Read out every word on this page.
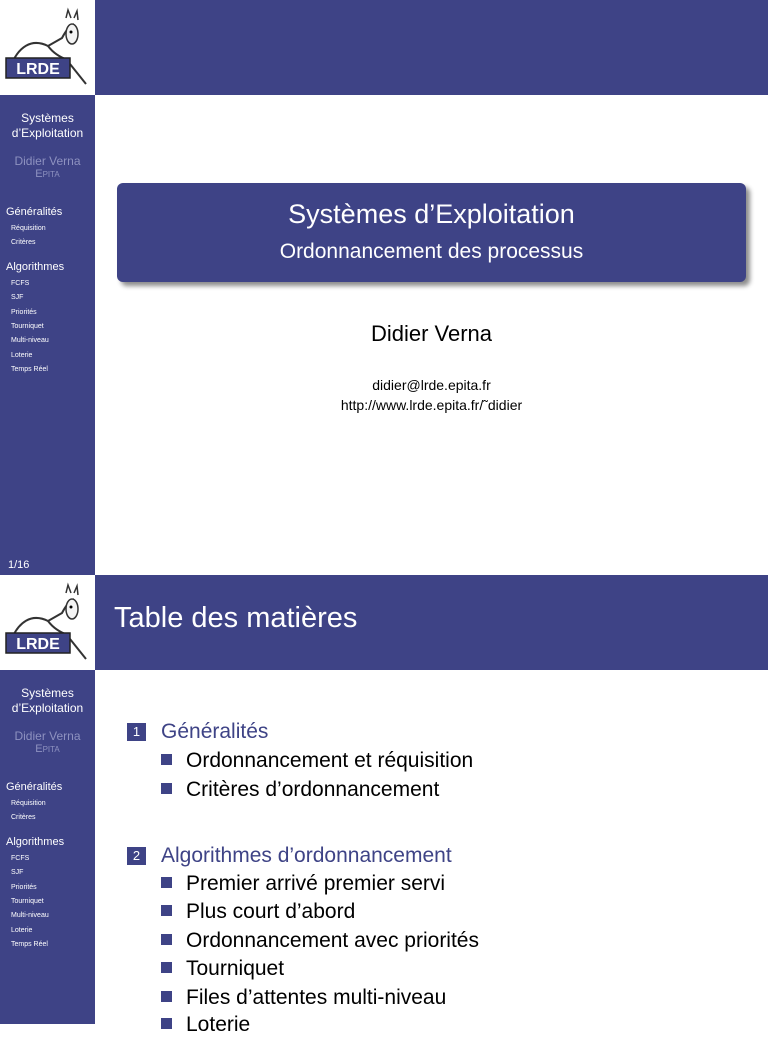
LRDE
Systèmes
d’Exploitation
Didier Verna
Epita
Généralités
Réquisition
Critères
Algorithmes
FCFS
SJF
Priorités
Tourniquet
Multi-niveau
Loterie
Temps Réel
1/16
Systèmes d’Exploitation
Ordonnancement des processus
Didier Verna
didier@lrde.epita.fr
http://www.lrde.epita.fr/˜didier
LRDE
Systèmes
d’Exploitation
Didier Verna
Epita
Généralités
Réquisition
Critères
Algorithmes
FCFS
SJF
Priorités
Tourniquet
Multi-niveau
Loterie
Temps Réel
Table des matières
1 Généralités
Ordonnancement et réquisition
Critères d’ordonnancement
2 Algorithmes d’ordonnancement
Premier arrivé premier servi
Plus court d’abord
Ordonnancement avec priorités
Tourniquet
Files d’attentes multi-niveau
Loterie
